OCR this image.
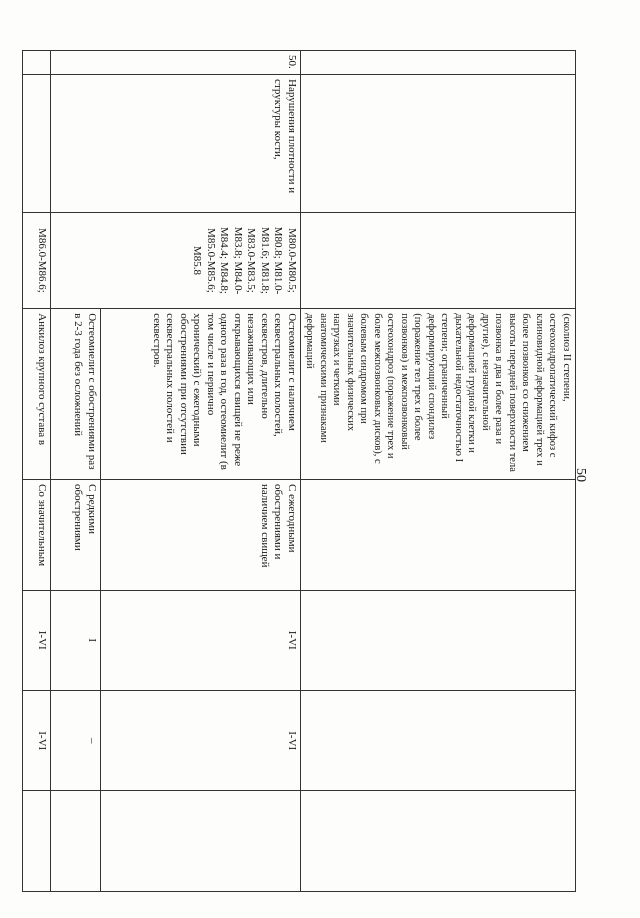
50
			(сколиоз II степени, остеохондропатический кифоз с клиновидной деформацией трех и более позвонков со снижением высоты передней поверхности тела позвонка в два и более раза и другие), с незначительной деформацией грудной клетки и дыхательной недостаточностью I степени; ограниченный деформирующий спондилез (поражение тел трех и более позвонков) и межпозвонковый остеохондроз (поражение трех и более межпозвонковых дисков), с болевым синдромом при значительных физических нагрузках и четкими анатомическими признаками деформаций				
50.	Нарушения плотности и структуры кости,	M80.0-M80.5; M80.8; M81.0-M81.6; M81.8; M83.0-M83.5; M83.8; M84.0-M84.4; M84.8; M85.0-M85.6; M85.8	Остеомиелит с наличием секвестральных полостей, секвестров, длительно незаживающих или открывающихся свищей не реже одного раза в год, остеомиелит (в том числе и первично хронический) с ежегодными обострениями при отсутствии секвестральных полостей и секвестров.	С ежегодными обострениями и наличием свищей	I-VI	I-VI	
			Остеомиелит с обострениями раз в 2-3 года без осложнений	С редкими обострениями	I	–	
		M86.0-M86.6;	Анкилоз крупного сустава в	Со значительным	I-VI	I-VI	
